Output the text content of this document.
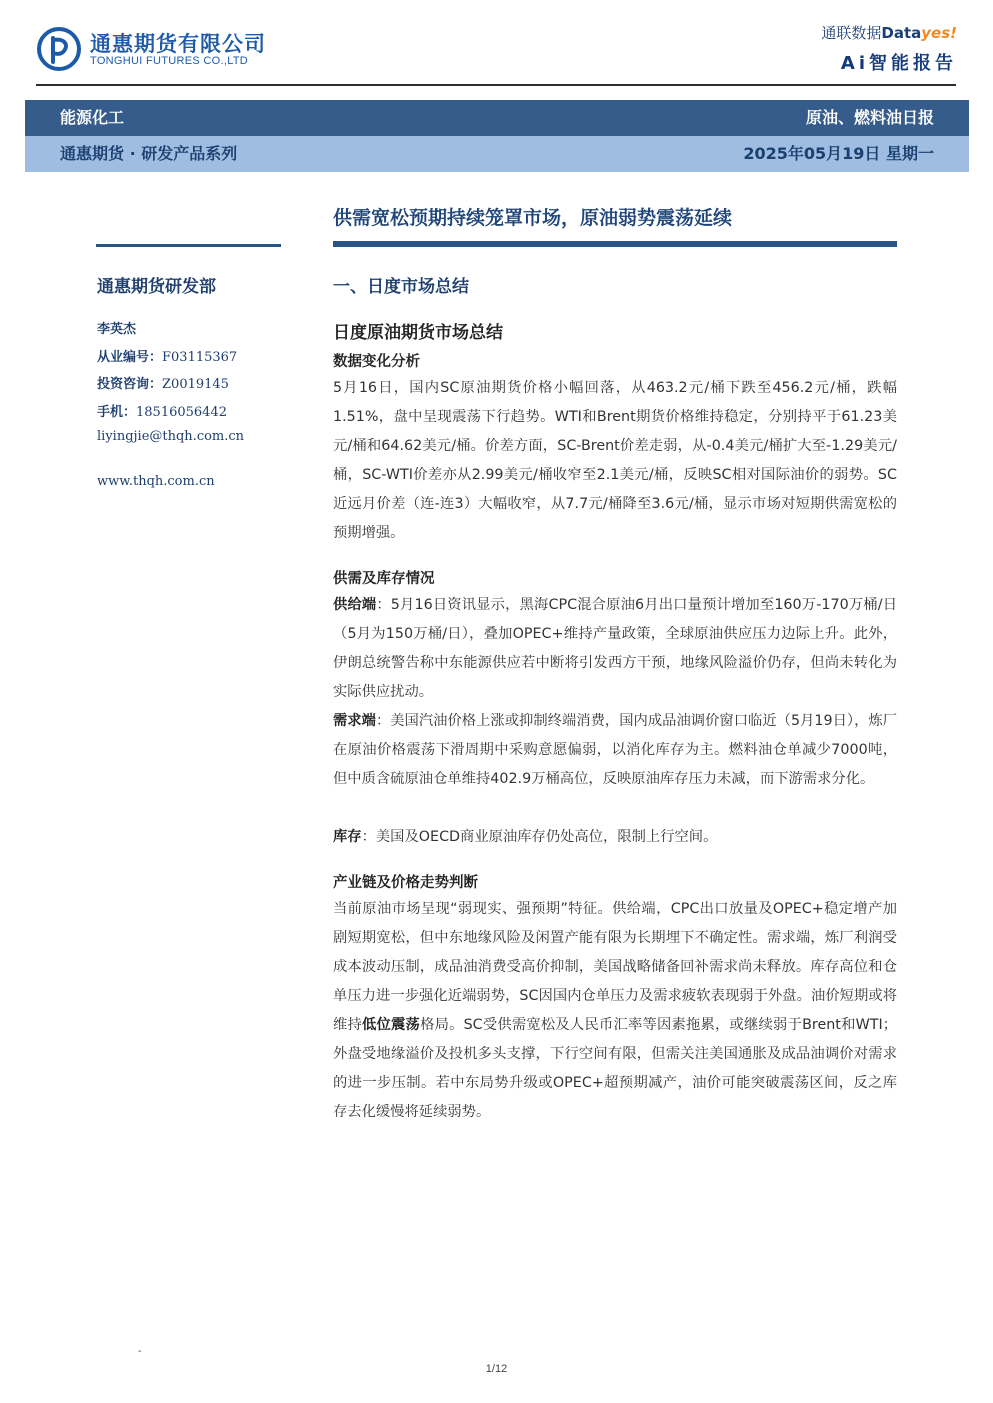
通惠期货有限公司
TONGHUI FUTURES CO.,LTD
通联数据Datayes!
Ai智能报告
能源化工	原油、燃料油日报
通惠期货 · 研发产品系列	2025年05月19日 星期一
供需宽松预期持续笼罩市场，原油弱势震荡延续
通惠期货研发部
李英杰
从业编号：F03115367
投资咨询：Z0019145
手机：18516056442
liyingjie@thqh.com.cn
www.thqh.com.cn
一、日度市场总结
日度原油期货市场总结
数据变化分析
5月16日，国内SC原油期货价格小幅回落，从463.2元/桶下跌至456.2元/桶，跌幅1.51%，盘中呈现震荡下行趋势。WTI和Brent期货价格维持稳定，分别持平于61.23美元/桶和64.62美元/桶。价差方面，SC-Brent价差走弱，从-0.4美元/桶扩大至-1.29美元/桶，SC-WTI价差亦从2.99美元/桶收窄至2.1美元/桶，反映SC相对国际油价的弱势。SC近远月价差（连-连3）大幅收窄，从7.7元/桶降至3.6元/桶，显示市场对短期供需宽松的预期增强。
供需及库存情况
供给端：5月16日资讯显示，黑海CPC混合原油6月出口量预计增加至160万-170万桶/日（5月为150万桶/日），叠加OPEC+维持产量政策，全球原油供应压力边际上升。此外，伊朗总统警告称中东能源供应若中断将引发西方干预，地缘风险溢价仍存，但尚未转化为实际供应扰动。
需求端：美国汽油价格上涨或抑制终端消费，国内成品油调价窗口临近（5月19日），炼厂在原油价格震荡下滑周期中采购意愿偏弱，以消化库存为主。燃料油仓单减少7000吨，但中质含硫原油仓单维持402.9万桶高位，反映原油库存压力未减，而下游需求分化。
库存：美国及OECD商业原油库存仍处高位，限制上行空间。
产业链及价格走势判断
当前原油市场呈现“弱现实、强预期”特征。供给端，CPC出口放量及OPEC+稳定增产加剧短期宽松，但中东地缘风险及闲置产能有限为长期埋下不确定性。需求端，炼厂利润受成本波动压制，成品油消费受高价抑制，美国战略储备回补需求尚未释放。库存高位和仓单压力进一步强化近端弱势，SC因国内仓单压力及需求疲软表现弱于外盘。油价短期或将维持低位震荡格局。SC受供需宽松及人民币汇率等因素拖累，或继续弱于Brent和WTI；外盘受地缘溢价及投机多头支撑，下行空间有限，但需关注美国通胀及成品油调价对需求的进一步压制。若中东局势升级或OPEC+超预期减产，油价可能突破震荡区间，反之库存去化缓慢将延续弱势。
-
1/12
